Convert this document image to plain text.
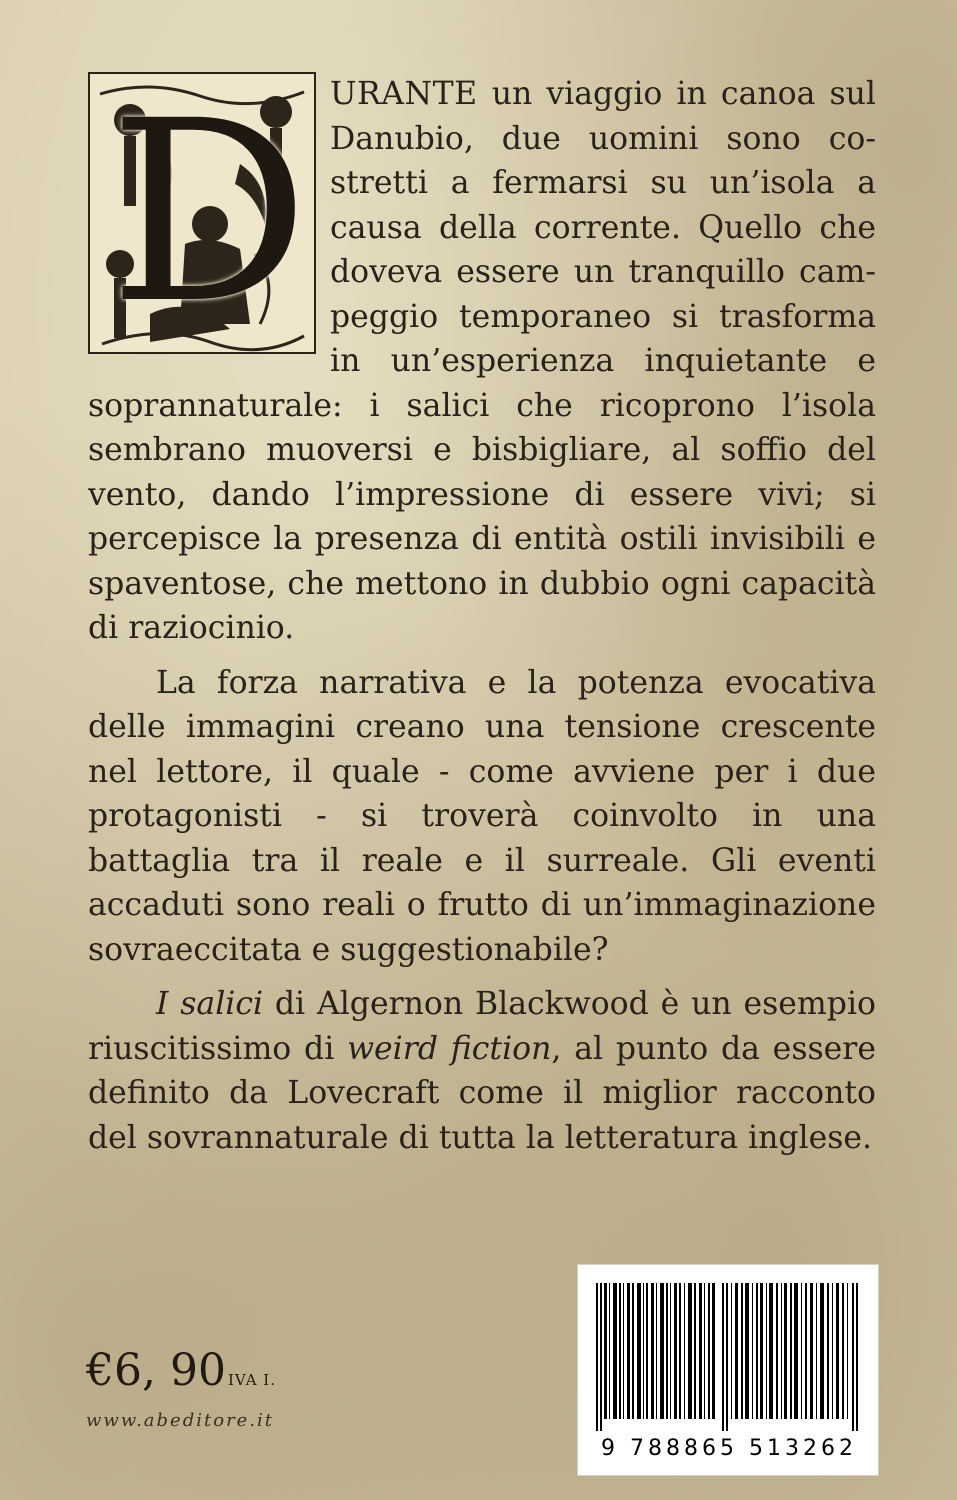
D URANTE un viaggio in canoa sul Danubio, due uomini sono costretti a fermarsi su un’isola a causa della corrente. Quello che doveva essere un tranquillo campeggio temporaneo si trasforma in un’esperienza inquietante e soprannaturale: i salici che ricoprono l’isola sembrano muoversi e bisbigliare, al soffio del vento, dando l’impressione di essere vivi; si percepisce la presenza di entità ostili invisibili e spaventose, che mettono in dubbio ogni capacità di raziocinio.

La forza narrativa e la potenza evocativa delle immagini creano una tensione crescente nel lettore, il quale - come avviene per i due protagonisti - si troverà coinvolto in una battaglia tra il reale e il surreale. Gli eventi accaduti sono reali o frutto di un’immaginazione sovraeccitata e suggestionabile?

I salici di Algernon Blackwood è un esempio riuscitissimo di weird fiction, al punto da essere definito da Lovecraft come il miglior racconto del sovrannaturale di tutta la letteratura inglese.

€6, 90 IVA I.
www.abeditore.it
9 788865 513262
